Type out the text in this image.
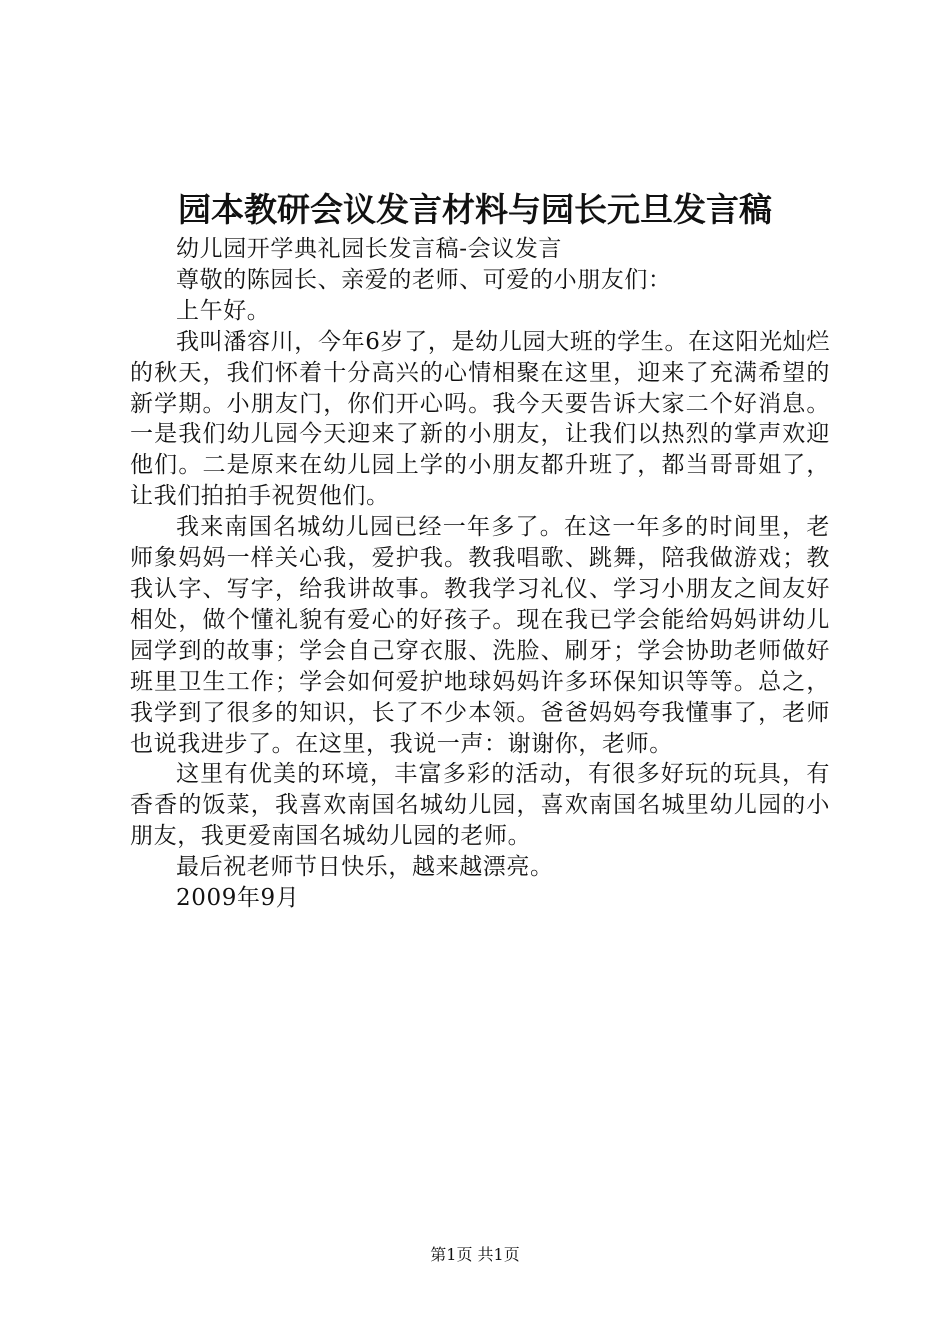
园本教研会议发言材料与园长元旦发言稿

幼儿园开学典礼园长发言稿-会议发言

尊敬的陈园长、亲爱的老师、可爱的小朋友们：

上午好。

我叫潘容川，今年6岁了，是幼儿园大班的学生。在这阳光灿烂的秋天，我们怀着十分高兴的心情相聚在这里，迎来了充满希望的新学期。小朋友门，你们开心吗。我今天要告诉大家二个好消息。一是我们幼儿园今天迎来了新的小朋友，让我们以热烈的掌声欢迎他们。二是原来在幼儿园上学的小朋友都升班了，都当哥哥姐了，让我们拍拍手祝贺他们。

我来南国名城幼儿园已经一年多了。在这一年多的时间里，老师象妈妈一样关心我，爱护我。教我唱歌、跳舞，陪我做游戏；教我认字、写字，给我讲故事。教我学习礼仪、学习小朋友之间友好相处，做个懂礼貌有爱心的好孩子。现在我已学会能给妈妈讲幼儿园学到的故事；学会自己穿衣服、洗脸、刷牙；学会协助老师做好班里卫生工作；学会如何爱护地球妈妈许多环保知识等等。总之，我学到了很多的知识，长了不少本领。爸爸妈妈夸我懂事了，老师也说我进步了。在这里，我说一声：谢谢你，老师。

这里有优美的环境，丰富多彩的活动，有很多好玩的玩具，有香香的饭菜，我喜欢南国名城幼儿园，喜欢南国名城里幼儿园的小朋友，我更爱南国名城幼儿园的老师。

最后祝老师节日快乐，越来越漂亮。

2009年9月

第1页 共1页
